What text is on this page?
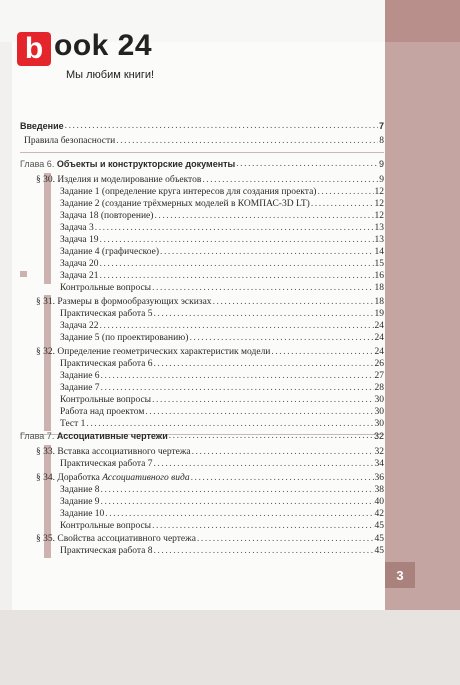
b ook 24
Мы любим книги!
3
Введение . . .	7
Правила безопасности . . .	8
Глава 6. Объекты и конструкторские документы . . .	9
§ 30. Изделия и моделирование объектов . . .	9
Задание 1 (определение круга интересов для создания проекта) . . .	12
Задание 2 (создание трёхмерных моделей в КОМПАС-3D LT) . . .	12
Задача 18 (повторение) . . .	12
Задача 3 . . .	13
Задача 19 . . .	13
Задание 4 (графическое) . . .	14
Задача 20 . . .	15
Задача 21 . . .	16
Контрольные вопросы . . .	18
§ 31. Размеры в формообразующих эскизах . . .	18
Практическая работа 5 . . .	19
Задача 22 . . .	24
Задание 5 (по проектированию) . . .	24
§ 32. Определение геометрических характеристик модели . . .	24
Практическая работа 6 . . .	26
Задание 6 . . .	27
Задание 7 . . .	28
Контрольные вопросы . . .	30
Работа над проектом . . .	30
Тест 1 . . .	30
Глава 7. Ассоциативные чертежи . . .	32
§ 33. Вставка ассоциативного чертежа . . .	32
Практическая работа 7 . . .	34
§ 34. Доработка Ассоциативного вида . . .	36
Задание 8 . . .	38
Задание 9 . . .	40
Задание 10 . . .	42
Контрольные вопросы . . .	45
§ 35. Свойства ассоциативного чертежа . . .	45
Практическая работа 8 . . .	45
